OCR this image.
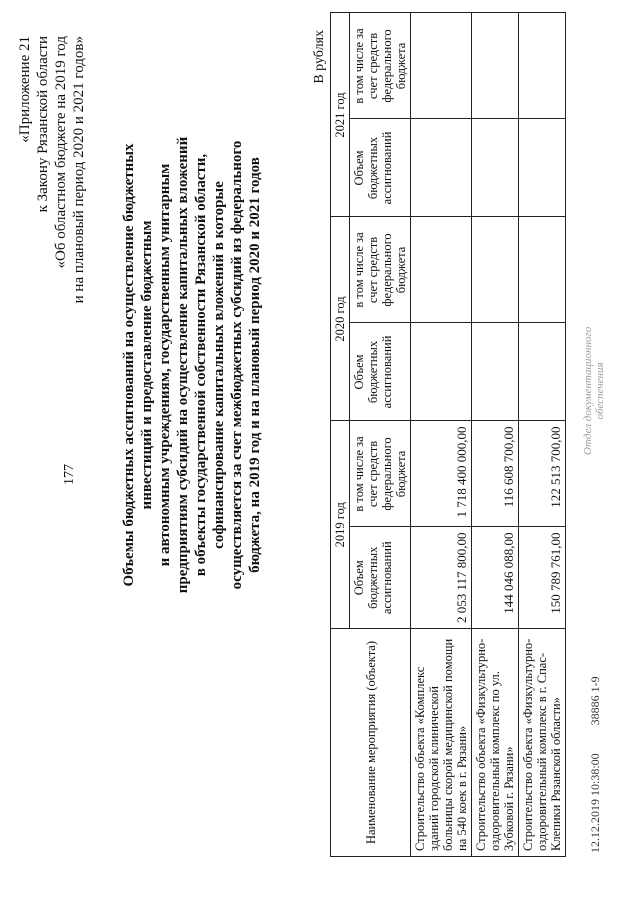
177
«Приложение 21 к Закону Рязанской области «Об областном бюджете на 2019 год и на плановый период 2020 и 2021 годов» Объемы бюджетных ассигнований на осуществление бюджетных инвестиций и предоставление бюджетным и автономным учреждениям, государственным унитарным предприятиям субсидий на осуществление капитальных вложений в объекты государственной собственности Рязанской области, софинансирование капитальных вложений в которые осуществляется за счет межбюджетных субсидий из федерального бюджета, на 2019 год и на плановый период 2020 и 2021 годов
В рублях
Наименование мероприятия (объекта)	2019 год		2020 год		2021 год	
	Объем бюджетных ассигнований	в том числе за счет средств федерального бюджета	Объем бюджетных ассигнований	в том числе за счет средств федерального бюджета	Объем бюджетных ассигнований	в том числе за счет средств федерального бюджета
Строительство объекта «Комплекс зданий городской клинической больницы скорой медицинской помощи на 540 коек в г. Рязани»	2 053 117 800,00	1 718 400 000,00				
Строительство объекта «Физкультурно-оздоровительный комплекс по ул. Зубковой г. Рязани»	144 046 088,00	116 608 700,00				
Строительство объекта «Физкультурно-оздоровительный комплекс в г. Спас-Клепики Рязанской области»	150 789 761,00	122 513 700,00				
12.12.2019 10:38:00  38886 1-9
Отдел документационного обеспечения
